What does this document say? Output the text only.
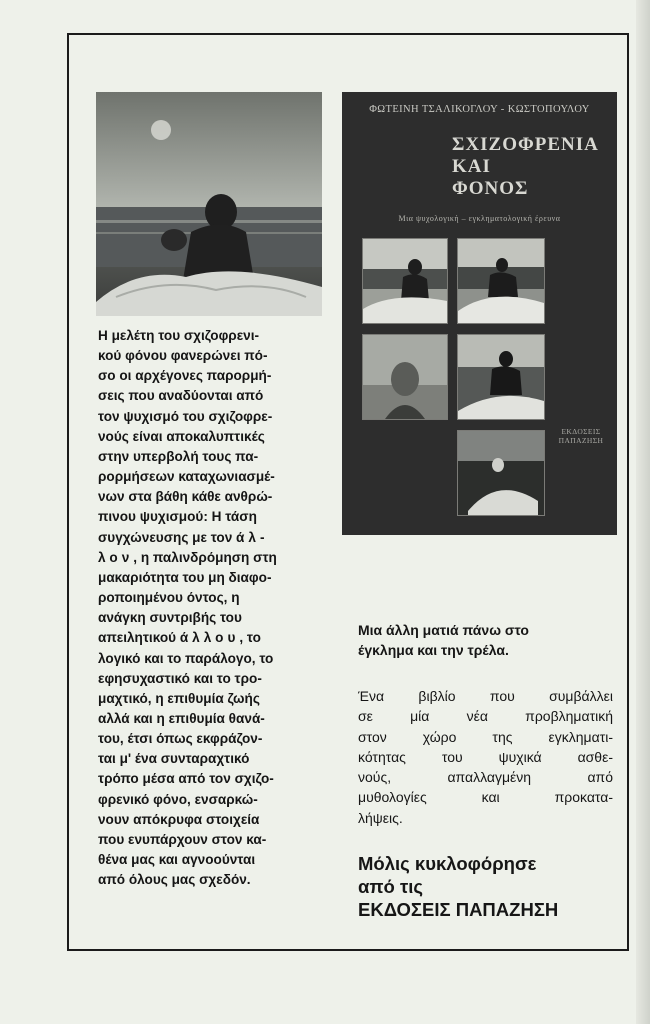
Η μελέτη του σχιζοφρενι-
κού φόνου φανερώνει πό-
σο οι αρχέγονες παρορμή-
σεις που αναδύονται από
τον ψυχισμό του σχιζοφρε-
νούς είναι αποκαλυπτικές
στην υπερβολή τους πα-
ρορμήσεων καταχωνιασμέ-
νων στα βάθη κάθε ανθρώ-
πινου ψυχισμού: Η τάση
συγχώνευσης με τον άλ-
λον, η παλινδρόμηση στη
μακαριότητα του μη διαφο-
ροποιημένου όντος, η
ανάγκη συντριβής του
απειλητικού άλλου, το
λογικό και το παράλογο, το
εφησυχαστικό και το τρο-
μαχτικό, η επιθυμία ζωής
αλλά και η επιθυμία θανά-
του, έτσι όπως εκφράζον-
ται μ' ένα συνταραχτικό
τρόπο μέσα από τον σχιζο-
φρενικό φόνο, ενσαρκώ-
νουν απόκρυφα στοιχεία
που ενυπάρχουν στον κα-
θένα μας και αγνοούνται
από όλους μας σχεδόν.

ΦΩΤΕΙΝΗ ΤΣΑΛΙΚΟΓΛΟΥ - ΚΩΣΤΟΠΟΥΛΟΥ
ΣΧΙΖΟΦΡΕΝΙΑ
ΚΑΙ
ΦΟΝΟΣ
Μια ψυχολογική – εγκληματολογική έρευνα
ΕΚΔΟΣΕΙΣ
ΠΑΠΑΖΗΣΗ

Μια άλλη ματιά πάνω στο
έγκλημα και την τρέλα.

Ένα βιβλίο που συμβάλλει
σε μία νέα προβληματική
στον χώρο της εγκληματι-
κότητας του ψυχικά ασθε-
νούς, απαλλαγμένη από
μυθολογίες και προκατα-
λήψεις.

Μόλις κυκλοφόρησε
από τις
ΕΚΔΟΣΕΙΣ ΠΑΠΑΖΗΣΗ
